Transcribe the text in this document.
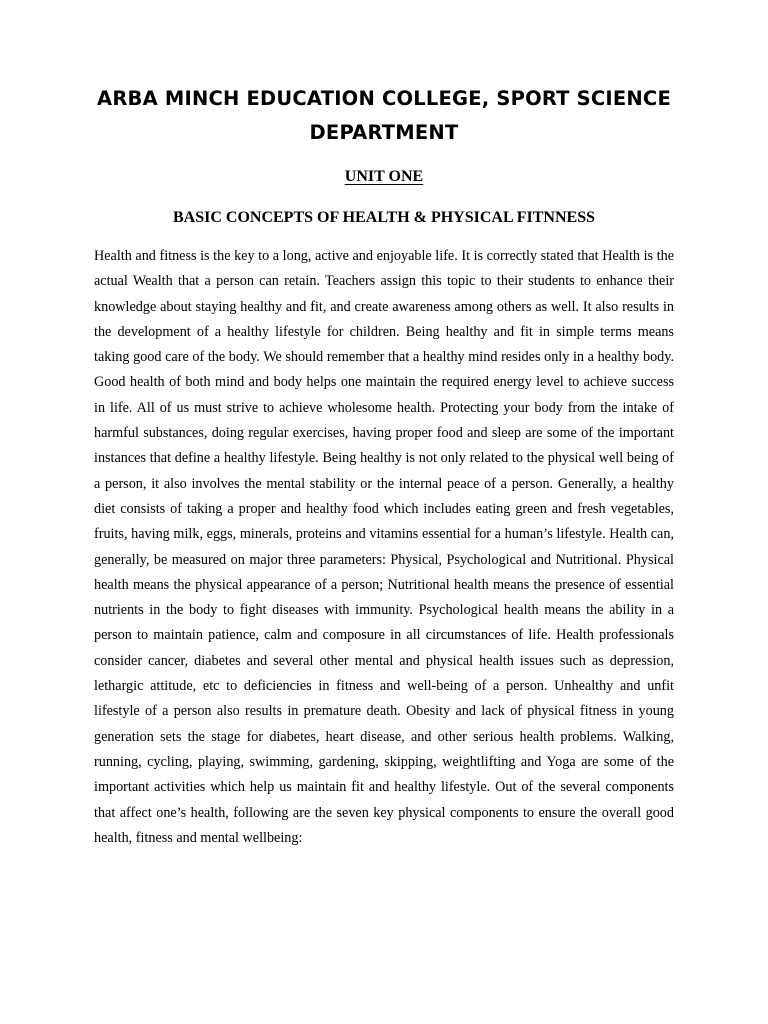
ARBA MINCH EDUCATION COLLEGE, SPORT SCIENCE DEPARTMENT
UNIT ONE
BASIC CONCEPTS OF HEALTH & PHYSICAL FITNNESS

Health and fitness is the key to a long, active and enjoyable life. It is correctly stated that Health is the actual Wealth that a person can retain. Teachers assign this topic to their students to enhance their knowledge about staying healthy and fit, and create awareness among others as well. It also results in the development of a healthy lifestyle for children. Being healthy and fit in simple terms means taking good care of the body. We should remember that a healthy mind resides only in a healthy body. Good health of both mind and body helps one maintain the required energy level to achieve success in life. All of us must strive to achieve wholesome health. Protecting your body from the intake of harmful substances, doing regular exercises, having proper food and sleep are some of the important instances that define a healthy lifestyle. Being healthy is not only related to the physical well being of a person, it also involves the mental stability or the internal peace of a person. Generally, a healthy diet consists of taking a proper and healthy food which includes eating green and fresh vegetables, fruits, having milk, eggs, minerals, proteins and vitamins essential for a human’s lifestyle. Health can, generally, be measured on major three parameters: Physical, Psychological and Nutritional. Physical health means the physical appearance of a person; Nutritional health means the presence of essential nutrients in the body to fight diseases with immunity. Psychological health means the ability in a person to maintain patience, calm and composure in all circumstances of life. Health professionals consider cancer, diabetes and several other mental and physical health issues such as depression, lethargic attitude, etc to deficiencies in fitness and well-being of a person. Unhealthy and unfit lifestyle of a person also results in premature death. Obesity and lack of physical fitness in young generation sets the stage for diabetes, heart disease, and other serious health problems. Walking, running, cycling, playing, swimming, gardening, skipping, weightlifting and Yoga are some of the important activities which help us maintain fit and healthy lifestyle. Out of the several components that affect one’s health, following are the seven key physical components to ensure the overall good health, fitness and mental wellbeing:
